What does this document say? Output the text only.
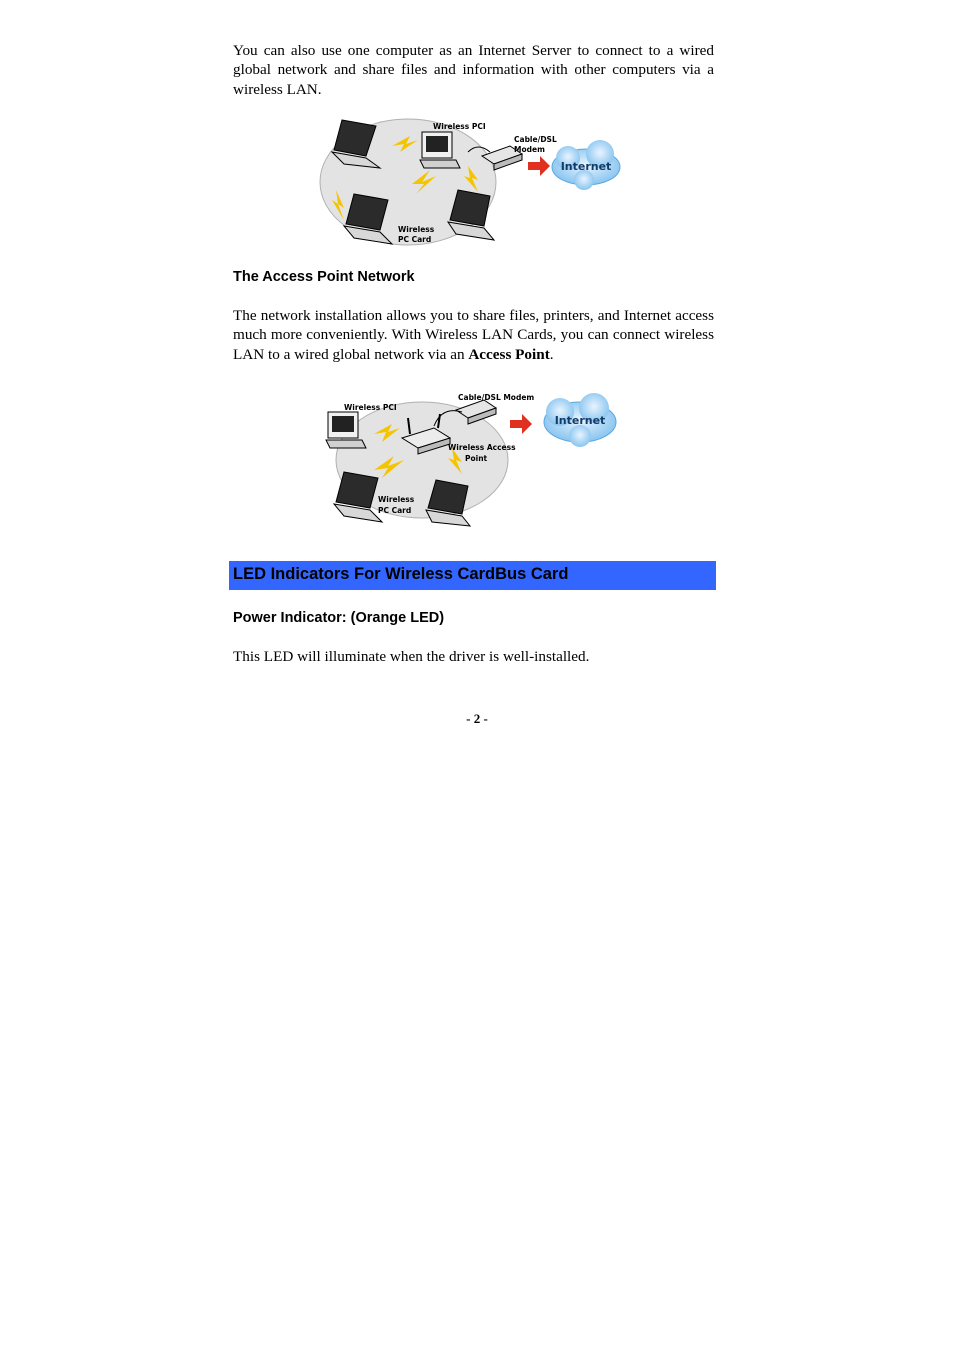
You can also use one computer as an Internet Server to connect to a wired global network and share files and information with other computers via a wireless LAN.
Internet
Wireless PCI
Cable/DSL
Modem
Wireless
PC Card
The Access Point Network
The network installation allows you to share files, printers, and Internet access much more conveniently. With Wireless LAN Cards, you can connect wireless LAN to a wired global network via an Access Point.
Internet
Wireless PCI
Cable/DSL Modem
Wireless Access
Point
Wireless
PC Card
LED Indicators For Wireless CardBus Card
Power Indicator: (Orange LED)
This LED will illuminate when the driver is well-installed.
- 2 -
